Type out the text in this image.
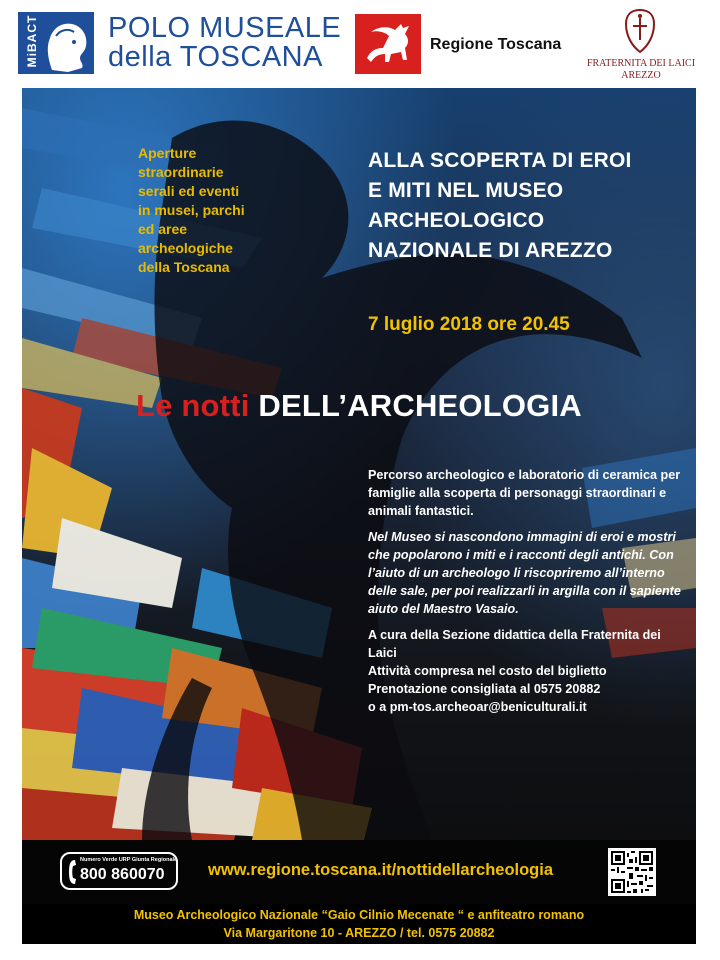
MiBACT POLO MUSEALE
della TOSCANA	Regione Toscana
FRATERNITA DEI LAICI
AREZZO
Aperture
straordinarie
serali ed eventi
in musei, parchi
ed aree
archeologiche
della Toscana
ALLA SCOPERTA DI EROI
E MITI NEL MUSEO
ARCHEOLOGICO
NAZIONALE DI AREZZO
7 luglio 2018 ore 20.45
Le notti DELL’ARCHEOLOGIA

Percorso archeologico e laboratorio di ceramica per famiglie alla scoperta di personaggi straordinari e animali fantastici.

Nel Museo si nascondono immagini di eroi e mostri che popolarono i miti e i racconti degli antichi. Con l’aiuto di un archeologo li riscopriremo all’interno delle sale, per poi realizzarli in argilla con il sapiente aiuto del Maestro Vasaio.

A cura della Sezione didattica della Fraternita dei Laici
Attività compresa nel costo del biglietto
Prenotazione consigliata al 0575 20882
o a pm-tos.archeoar@beniculturali.it

Numero Verde URP Giunta Regionale
800 860070	www.regione.toscana.it/nottidellarcheologia
Museo Archeologico Nazionale “Gaio Cilnio Mecenate “ e anfiteatro romano
Via Margaritone 10 - AREZZO / tel. 0575 20882
